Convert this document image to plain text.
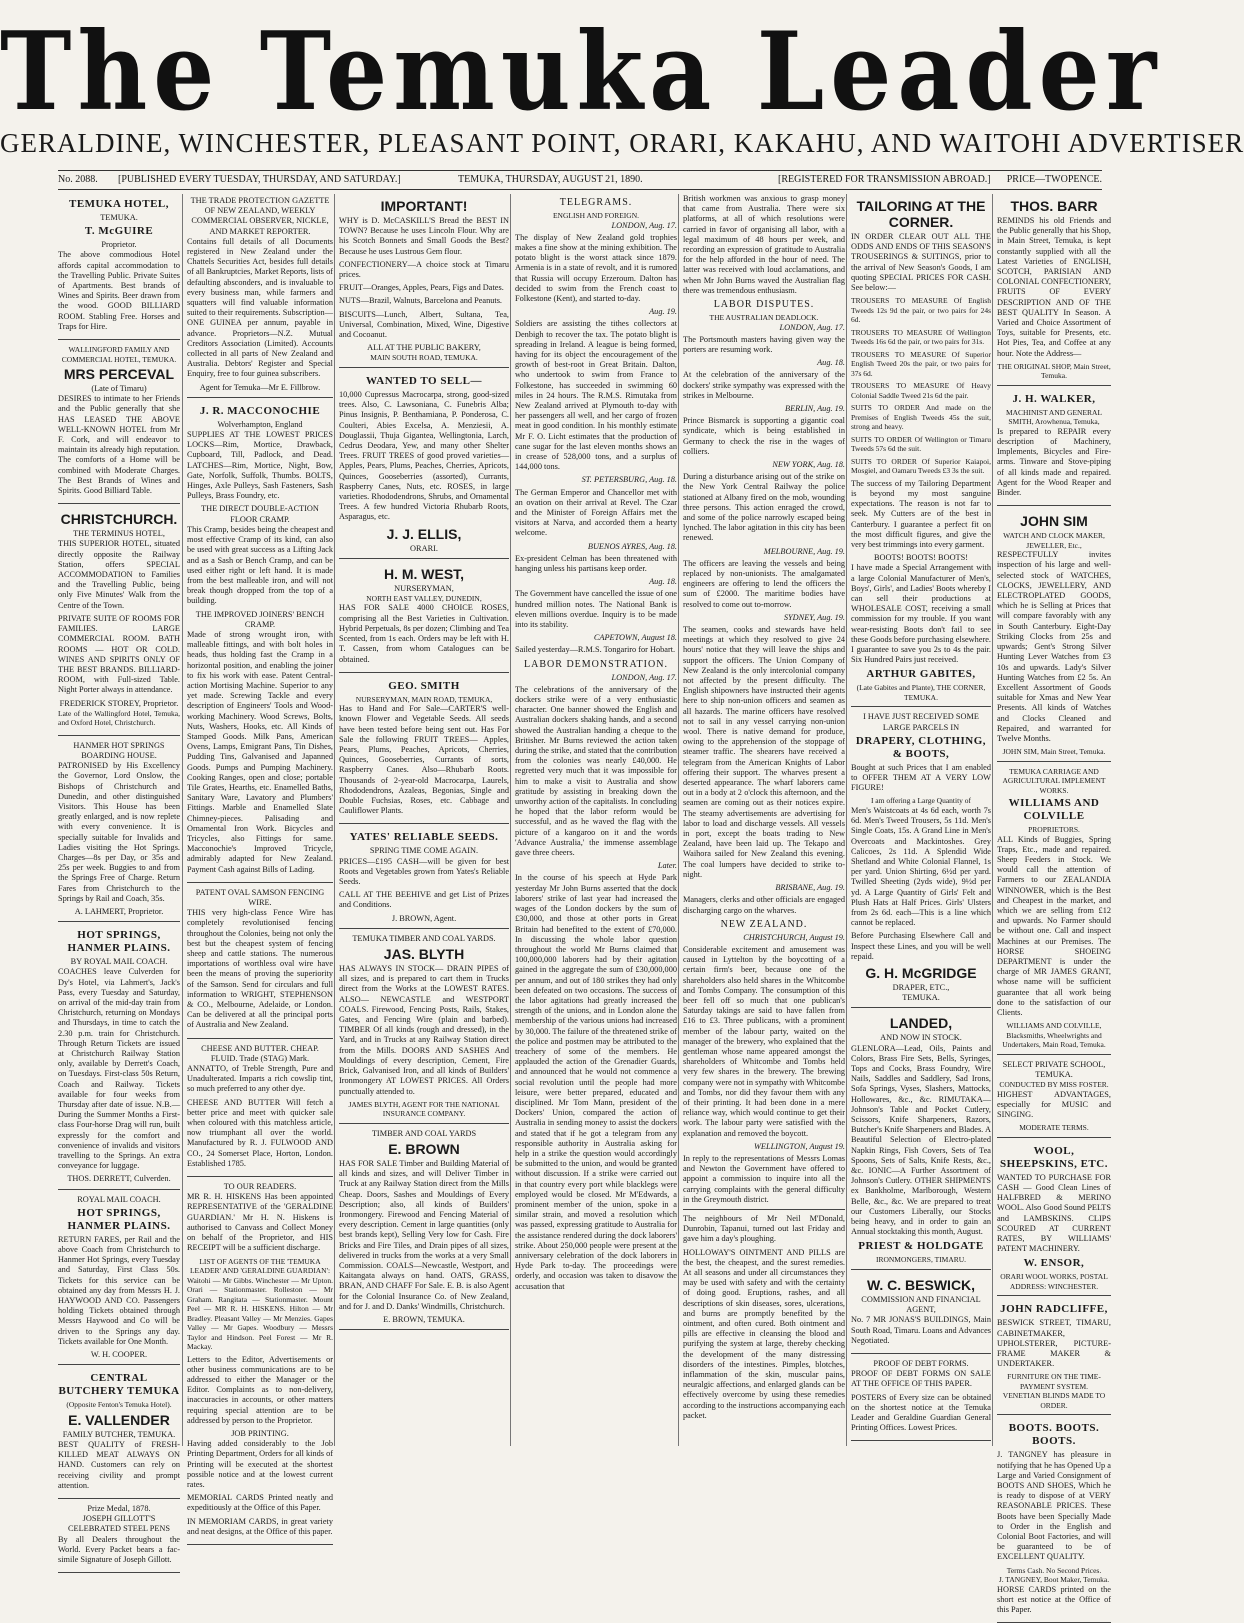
The Temuka Leader
GERALDINE, WINCHESTER, PLEASANT POINT, ORARI, KAKAHU, AND WAITOHI ADVERTISER
No. 2088. [PUBLISHED EVERY TUESDAY, THURSDAY, AND SATURDAY.]	TEMUKA, THURSDAY, AUGUST 21, 1890.	[REGISTERED FOR TRANSMISSION ABROAD.] PRICE—TWOPENCE.
TEMUKA HOTEL,
TEMUKA.
T. McGUIRE
Proprietor.

The above commodious Hotel affords capital accommodation to the Travelling Public. Private Suites of Apartments. Best brands of Wines and Spirits. Beer drawn from the wood. GOOD BILLIARD ROOM. Stabling Free. Horses and Traps for Hire.

WALLINGFORD FAMILY AND COMMERCIAL HOTEL, TEMUKA.
MRS PERCEVAL
(Late of Timaru)

DESIRES to intimate to her Friends and the Public generally that she HAS LEASED THE ABOVE WELL-KNOWN HOTEL from Mr F. Cork, and will endeavor to maintain its already high reputation. The comforts of a Home will be combined with Moderate Charges. The Best Brands of Wines and Spirits. Good Billiard Table.

CHRISTCHURCH.
THE TERMINUS HOTEL,

THIS SUPERIOR HOTEL, situated directly opposite the Railway Station, offers SPECIAL ACCOMMODATION to Families and the Travelling Public, being only Five Minutes' Walk from the Centre of the Town.

PRIVATE SUITE OF ROOMS FOR FAMILIES. LARGE COMMERCIAL ROOM. BATH ROOMS — HOT OR COLD. WINES AND SPIRITS ONLY OF THE BEST BRANDS. BILLIARD-ROOM, with Full-sized Table. Night Porter always in attendance.

FREDERICK STOREY, Proprietor.

Late of the Wallingford Hotel, Temuka, and Oxford Hotel, Christchurch.

HANMER HOT SPRINGS BOARDING HOUSE.

PATRONISED by His Excellency the Governor, Lord Onslow, the Bishops of Christchurch and Dunedin, and other distinguished Visitors. This House has been greatly enlarged, and is now replete with every convenience. It is specially suitable for Invalids and Ladies visiting the Hot Springs. Charges—8s per Day, or 35s and 25s per week. Buggies to and from the Springs Free of Charge. Return Fares from Christchurch to the Springs by Rail and Coach, 35s.

A. LAHMERT, Proprietor.
HOT SPRINGS, HANMER PLAINS.
BY ROYAL MAIL COACH.

COACHES leave Culverden for Dy's Hotel, via Lahmert's, Jack's Pass, every Tuesday and Saturday, on arrival of the mid-day train from Christchurch, returning on Mondays and Thursdays, in time to catch the 2.30 p.m. train for Christchurch. Through Return Tickets are issued at Christchurch Railway Station only, available by Derrett's Coach, on Tuesdays. First-class 50s Return, Coach and Railway. Tickets available for four weeks from Thursday after date of issue. N.B.—During the Summer Months a First-class Four-horse Drag will run, built expressly for the comfort and convenience of invalids and visitors travelling to the Springs. An extra conveyance for luggage.

THOS. DERRETT, Culverden.
ROYAL MAIL COACH.
HOT SPRINGS, HANMER PLAINS.

RETURN FARES, per Rail and the above Coach from Christchurch to Hanmer Hot Springs, every Tuesday and Saturday, First Class 50s. Tickets for this service can be obtained any day from Messrs H. J. HAYWOOD AND CO. Passengers holding Tickets obtained through Messrs Haywood and Co will be driven to the Springs any day. Tickets available for One Month.

W. H. COOPER.
CENTRAL BUTCHERY TEMUKA
(Opposite Fenton's Temuka Hotel).
E. VALLENDER
FAMILY BUTCHER, TEMUKA.

BEST QUALITY of FRESH-KILLED MEAT ALWAYS ON HAND. Customers can rely on receiving civility and prompt attention.

Prize Medal, 1878.
JOSEPH GILLOTT'S CELEBRATED STEEL PENS

By all Dealers throughout the World. Every Packet bears a fac-simile Signature of Joseph Gillott.

THE TRADE PROTECTION GAZETTE OF NEW ZEALAND, WEEKLY COMMERCIAL OBSERVER, NICKLE, AND MARKET REPORTER.

Contains full details of all Documents registered in New Zealand under the Chattels Securities Act, besides full details of all Bankruptcies, Market Reports, lists of defaulting absconders, and is invaluable to every business man, while farmers and squatters will find valuable information suited to their requirements. Subscription—ONE GUINEA per annum, payable in advance. Proprietors—N.Z. Mutual Creditors Association (Limited). Accounts collected in all parts of New Zealand and Australia. Debtors' Register and Special Enquiry, free to four guinea subscribers.

Agent for Temuka—Mr E. Fillbrow.
J. R. MACCONOCHIE
Wolverhampton, England

SUPPLIES AT THE LOWEST PRICES LOCKS—Rim, Mortice, Drawback, Cupboard, Till, Padlock, and Dead. LATCHES—Rim, Mortice, Night, Bow, Gate, Norfolk, Suffolk, Thumbs. BOLTS, Hinges, Axle Pulleys, Sash Fasteners, Sash Pulleys, Brass Foundry, etc.

THE DIRECT DOUBLE-ACTION FLOOR CRAMP.

This Cramp, besides being the cheapest and most effective Cramp of its kind, can also be used with great success as a Lifting Jack and as a Sash or Bench Cramp, and can be used either right or left hand. It is made from the best malleable iron, and will not break though dropped from the top of a building.

THE IMPROVED JOINERS' BENCH CRAMP.

Made of strong wrought iron, with malleable fittings, and with bolt holes in heads, thus holding fast the Cramp in a horizontal position, and enabling the joiner to fix his work with ease. Patent Central-action Mortising Machine. Superior to any yet made. Screwing Tackle and every description of Engineers' Tools and Wood-working Machinery. Wood Screws, Bolts, Nuts, Washers, Hooks, etc. All Kinds of Stamped Goods. Milk Pans, American Ovens, Lamps, Emigrant Pans, Tin Dishes, Pudding Tins, Galvanised and Japanned Goods. Pumps and Pumping Machinery. Cooking Ranges, open and close; portable Tile Grates, Hearths, etc. Enamelled Baths, Sanitary Ware, Lavatory and Plumbers' Fittings. Marble and Enamelled Slate Chimney-pieces. Palisading and Ornamental Iron Work. Bicycles and Tricycles, also Fittings for same. Macconochie's Improved Tricycle, admirably adapted for New Zealand. Payment Cash against Bills of Lading.

PATENT OVAL SAMSON FENCING WIRE.

THIS very high-class Fence Wire has completely revolutionised fencing throughout the Colonies, being not only the best but the cheapest system of fencing sheep and cattle stations. The numerous importations of worthless oval wire have been the means of proving the superiority of the Samson. Send for circulars and full information to WRIGHT, STEPHENSON & CO., Melbourne, Adelaide, or London. Can be delivered at all the principal ports of Australia and New Zealand.

CHEESE AND BUTTER. CHEAP. FLUID. Trade (STAG) Mark.

ANNATTO, of Treble Strength, Pure and Unadulterated. Imparts a rich cowslip tint, so much preferred to any other dye.

CHEESE AND BUTTER Will fetch a better price and meet with quicker sale when coloured with this matchless article, now triumphant all over the world. Manufactured by R. J. FULWOOD AND CO., 24 Somerset Place, Horton, London. Established 1785.

TO OUR READERS.

MR R. H. HISKENS Has been appointed REPRESENTATIVE of the 'GERALDINE GUARDIAN.' Mr H. N. Hiskens is authorised to Canvass and Collect Money on behalf of the Proprietor, and HIS RECEIPT will be a sufficient discharge.

LIST OF AGENTS OF THE 'TEMUKA LEADER' AND 'GERALDINE GUARDIAN':

Waitohi — Mr Gibbs. Winchester — Mr Upton. Orari — Stationmaster. Rolleston — Mr Graham. Rangitata — Stationmaster. Mount Peel — MR R. H. HISKENS. Hilton — Mr Bradley. Pleasant Valley — Mr Menzies. Gapes Valley — Mr Gapes. Woodbury — Messrs Taylor and Hindson. Peel Forest — Mr R. Mackay.

Letters to the Editor, Advertisements or other business communications are to be addressed to either the Manager or the Editor. Complaints as to non-delivery, inaccuracies in accounts, or other matters requiring special attention are to be addressed by person to the Proprietor.

JOB PRINTING.

Having added considerably to the Job Printing Department, Orders for all kinds of Printing will be executed at the shortest possible notice and at the lowest current rates.

MEMORIAL CARDS Printed neatly and expeditiously at the Office of this Paper.

IN MEMORIAM CARDS, in great variety and neat designs, at the Office of this paper.

IMPORTANT!

WHY is D. McCASKILL'S Bread the BEST IN TOWN? Because he uses Lincoln Flour. Why are his Scotch Bonnets and Small Goods the Best? Because he uses Lustrous Gem flour.

CONFECTIONERY—A choice stock at Timaru prices.

FRUIT—Oranges, Apples, Pears, Figs and Dates.

NUTS—Brazil, Walnuts, Barcelona and Peanuts.

BISCUITS—Lunch, Albert, Sultana, Tea, Universal, Combination, Mixed, Wine, Digestive and Cocoanut.

ALL AT THE PUBLIC BAKERY,
MAIN SOUTH ROAD, TEMUKA.
WANTED TO SELL—

10,000 Cupressus Macrocarpa, strong, good-sized trees. Also, C. Lawsoniana, C. Funebris Alba; Pinus Insignis, P. Benthamiana, P. Ponderosa, C. Coulteri, Abies Excelsa, A. Menziesii, A. Douglassii, Thuja Gigantea, Wellingtonia, Larch, Cedrus Deodara, Yew, and many other Shelter Trees. FRUIT TREES of good proved varieties—Apples, Pears, Plums, Peaches, Cherries, Apricots, Quinces, Gooseberries (assorted), Currants, Raspberry Canes, Nuts, etc. ROSES, in large varieties. Rhododendrons, Shrubs, and Ornamental Trees. A few hundred Victoria Rhubarb Roots, Asparagus, etc.

J. J. ELLIS,
ORARI.
H. M. WEST,
NURSERYMAN,
NORTH EAST VALLEY, DUNEDIN,

HAS FOR SALE 4000 CHOICE ROSES, comprising all the Best Varieties in Cultivation. Hybrid Perpetuals, 8s per dozen; Climbing and Tea Scented, from 1s each. Orders may be left with H. T. Cassen, from whom Catalogues can be obtained.

GEO. SMITH
NURSERYMAN, MAIN ROAD, TEMUKA,

Has to Hand and For Sale—CARTER'S well-known Flower and Vegetable Seeds. All seeds have been tested before being sent out. Has For Sale the following FRUIT TREES— Apples, Pears, Plums, Peaches, Apricots, Cherries, Quinces, Gooseberries, Currants of sorts, Raspberry Canes. Also—Rhubarb Roots. Thousands of 2-year-old Macrocarpa, Laurels, Rhododendrons, Azaleas, Begonias, Single and Double Fuchsias, Roses, etc. Cabbage and Cauliflower Plants.

YATES' RELIABLE SEEDS.
SPRING TIME COME AGAIN.

PRICES—£195 CASH—will be given for best Roots and Vegetables grown from Yates's Reliable Seeds.

CALL AT THE BEEHIVE and get List of Prizes and Conditions.

J. BROWN, Agent.
TEMUKA TIMBER AND COAL YARDS.
JAS. BLYTH

HAS ALWAYS IN STOCK— DRAIN PIPES of all sizes, and is prepared to cart them in Trucks direct from the Works at the LOWEST RATES. ALSO— NEWCASTLE and WESTPORT COALS. Firewood, Fencing Posts, Rails, Stakes, Gates, and Fencing Wire (plain and barbed). TIMBER Of all kinds (rough and dressed), in the Yard, and in Trucks at any Railway Station direct from the Mills. DOORS AND SASHES And Mouldings of every description, Cement, Fire Brick, Galvanised Iron, and all kinds of Builders' Ironmongery AT LOWEST PRICES. All Orders punctually attended to.

JAMES BLYTH, AGENT FOR THE NATIONAL INSURANCE COMPANY.
TIMBER AND COAL YARDS
E. BROWN

HAS FOR SALE Timber and Building Material of all kinds and sizes, and will Deliver Timber in Truck at any Railway Station direct from the Mills Cheap. Doors, Sashes and Mouldings of Every Description; also, all kinds of Builders' Ironmongery. Firewood and Fencing Material of every description. Cement in large quantities (only best brands kept), Selling Very low for Cash. Fire Bricks and Fire Tiles, and Drain pipes of all sizes, delivered in trucks from the works at a very Small Commission. COALS—Newcastle, Westport, and Kaitangata always on hand. OATS, GRASS, BRAN, AND CHAFF For Sale. E. B. is also Agent for the Colonial Insurance Co. of New Zealand, and for J. and D. Danks' Windmills, Christchurch.

E. BROWN, TEMUKA.
TELEGRAMS.
ENGLISH AND FOREIGN.
LONDON, Aug. 17.

The display of New Zealand gold trophies makes a fine show at the mining exhibition. The potato blight is the worst attack since 1879. Armenia is in a state of revolt, and it is rumored that Russia will occupy Erzeroum. Dalton has decided to swim from the French coast to Folkestone (Kent), and started to-day.

Aug. 19.

Soldiers are assisting the tithes collectors at Denbigh to recover the tax. The potato blight is spreading in Ireland. A league is being formed, having for its object the encouragement of the growth of best-root in Great Britain. Dalton, who undertook to swim from France to Folkestone, has succeeded in swimming 60 miles in 24 hours. The R.M.S. Rimutaka from New Zealand arrived at Plymouth to-day with her passengers all well, and her cargo of frozen meat in good condition. In his monthly estimate Mr F. O. Licht estimates that the production of cane sugar for the last eleven months shows an in crease of 528,000 tons, and a surplus of 144,000 tons.

ST. PETERSBURG, Aug. 18.

The German Emperor and Chancellor met with an ovation on their arrival at Revel. The Czar and the Minister of Foreign Affairs met the visitors at Narva, and accorded them a hearty welcome.

BUENOS AYRES, Aug. 18.

Ex-president Celman has been threatened with hanging unless his partisans keep order.

Aug. 18.

The Government have cancelled the issue of one hundred million notes. The National Bank is eleven millions overdue. Inquiry is to be made into its stability.

CAPETOWN, August 18.

Sailed yesterday—R.M.S. Tongariro for Hobart.

LABOR DEMONSTRATION.
LONDON, Aug. 17.

The celebrations of the anniversary of the dockers strike were of a very enthusiastic character. One banner showed the English and Australian dockers shaking hands, and a second showed the Australian handing a cheque to the Britisher. Mr Burns reviewed the action taken during the strike, and stated that the contribution from the colonies was nearly £40,000. He regretted very much that it was impossible for him to make a visit to Australia and show gratitude by assisting in breaking down the unworthy action of the capitalists. In concluding he hoped that the labor reform would be successful, and as he waved the flag with the picture of a kangaroo on it and the words 'Advance Australia,' the immense assemblage gave three cheers.

Later.

In the course of his speech at Hyde Park yesterday Mr John Burns asserted that the dock laborers' strike of last year had increased the wages of the London dockers by the sum of £30,000, and those at other ports in Great Britain had benefited to the extent of £70,000. In discussing the whole labor question throughout the world Mr Burns claimed that 100,000,000 laborers had by their agitation gained in the aggregate the sum of £30,000,000 per annum, and out of 180 strikes they had only been defeated on two occasions. The success of the labor agitations had greatly increased the strength of the unions, and in London alone the membership of the various unions had increased by 30,000. The failure of the threatened strike of the police and postmen may be attributed to the treachery of some of the members. He applauded the action of the Grenadier Guards, and announced that he would not commence a social revolution until the people had more leisure, were better prepared, educated and disciplined. Mr Tom Mann, president of the Dockers' Union, compared the action of Australia in sending money to assist the dockers and stated that if he got a telegram from any responsible authority in Australia asking for help in a strike the question would accordingly be submitted to the union, and would be granted without discussion. If a strike were carried out in that country every port while blacklegs were employed would be closed. Mr M'Edwards, a prominent member of the union, spoke in a similar strain, and moved a resolution which was passed, expressing gratitude to Australia for the assistance rendered during the dock laborers' strike. About 250,000 people were present at the anniversary celebration of the dock laborers in Hyde Park to-day. The proceedings were orderly, and occasion was taken to disavow the accusation that

British workmen was anxious to grasp money that came from Australia. There were six platforms, at all of which resolutions were carried in favor of organising all labor, with a legal maximum of 48 hours per week, and recording an expression of gratitude to Australia for the help afforded in the hour of need. The latter was received with loud acclamations, and when Mr John Burns waved the Australian flag there was tremendous enthusiasm.

LABOR DISPUTES.
THE AUSTRALIAN DEADLOCK.
LONDON, Aug. 17.

The Portsmouth masters having given way the porters are resuming work.

Aug. 18.

At the celebration of the anniversary of the dockers' strike sympathy was expressed with the strikes in Melbourne.

BERLIN, Aug. 19.

Prince Bismarck is supporting a gigantic coal syndicate, which is being established in Germany to check the rise in the wages of colliers.

NEW YORK, Aug. 18.

During a disturbance arising out of the strike on the New York Central Railway the police stationed at Albany fired on the mob, wounding three persons. This action enraged the crowd, and some of the police narrowly escaped being lynched. The labor agitation in this city has been renewed.

MELBOURNE, Aug. 19.

The officers are leaving the vessels and being replaced by non-unionists. The amalgamated engineers are offering to lend the officers the sum of £2000. The maritime bodies have resolved to come out to-morrow.

SYDNEY, Aug. 19.

The seamen, cooks and stewards have held meetings at which they resolved to give 24 hours' notice that they will leave the ships and support the officers. The Union Company of New Zealand is the only intercolonial company not affected by the present difficulty. The English shipowners have instructed their agents here to ship non-union officers and seamen as all hazards. The marine officers have resolved not to sail in any vessel carrying non-union wool. There is native demand for produce, owing to the apprehension of the stoppage of steamer traffic. The shearers have received a telegram from the American Knights of Labor offering their support. The wharves present a deserted appearance. The wharf laborers came out in a body at 2 o'clock this afternoon, and the seamen are coming out as their notices expire. The steamy advertisements are advertising for labor to load and discharge vessels. All vessels in port, except the boats trading to New Zealand, have been laid up. The Tekapo and Waihora sailed for New Zealand this evening. The coal lumpers have decided to strike to-night.

BRISBANE, Aug. 19.

Managers, clerks and other officials are engaged discharging cargo on the wharves.

NEW ZEALAND.
CHRISTCHURCH, August 19.

Considerable excitement and amusement was caused in Lyttelton by the boycotting of a certain firm's beer, because one of the shareholders also held shares in the Whitcombe and Tombs Company. The consumption of this beer fell off so much that one publican's Saturday takings are said to have fallen from £16 to £3. Three publicans, with a prominent member of the labour party, waited on the manager of the brewery, who explained that the gentleman whose name appeared amongst the shareholders of Whitcombe and Tombs held very few shares in the brewery. The brewing company were not in sympathy with Whitcombe and Tombs, nor did they favour them with any of their printing. It had been done in a mere reliance way, which would continue to get their work. The labour party were satisfied with the explanation and removed the boycott.

WELLINGTON, August 19.

In reply to the representations of Messrs Lomas and Newton the Government have offered to appoint a commission to inquire into all the carrying complaints with the general difficulty in the Greymouth district.

The neighbours of Mr Neil M'Donald, Dunrobin, Tapanui, turned out last Friday and gave him a day's ploughing.

HOLLOWAY'S OINTMENT AND PILLS are the best, the cheapest, and the surest remedies. At all seasons and under all circumstances they may be used with safety and with the certainty of doing good. Eruptions, rashes, and all descriptions of skin diseases, sores, ulcerations, and burns are promptly benefited by the ointment, and often cured. Both ointment and pills are effective in cleansing the blood and purifying the system at large, thereby checking the development of the many distressing disorders of the intestines. Pimples, blotches, inflammation of the skin, muscular pains, neuralgic affections, and enlarged glands can be effectively overcome by using these remedies according to the instructions accompanying each packet.

TAILORING AT THE CORNER.

IN ORDER CLEAR OUT ALL THE ODDS AND ENDS OF THIS SEASON'S TROUSERINGS & SUITINGS, prior to the arrival of New Season's Goods, I am quoting SPECIAL PRICES FOR CASH. See below:—

TROUSERS TO MEASURE Of English Tweeds 12s 9d the pair, or two pairs for 24s 6d.

TROUSERS TO MEASURE Of Wellington Tweeds 16s 6d the pair, or two pairs for 31s.

TROUSERS TO MEASURE Of Superior English Tweed 20s the pair, or two pairs for 37s 6d.

TROUSERS TO MEASURE Of Heavy Colonial Saddle Tweed 21s 6d the pair.

SUITS TO ORDER And made on the Premises of English Tweeds 45s the suit, strong and heavy.

SUITS TO ORDER Of Wellington or Timaru Tweeds 57s 6d the suit.

SUITS TO ORDER Of Superior Kaiapoi, Mosgiel, and Oamaru Tweeds £3 3s the suit.

The success of my Tailoring Department is beyond my most sanguine expectations. The reason is not far to seek. My Cutters are of the best in Canterbury. I guarantee a perfect fit on the most difficult figures, and give the very best trimmings into every garment.

BOOTS! BOOTS! BOOTS!

I have made a Special Arrangement with a large Colonial Manufacturer of Men's, Boys', Girls', and Ladies' Boots whereby I can sell their productions at WHOLESALE COST, receiving a small commission for my trouble. If you want wear-resisting Boots don't fail to see these Goods before purchasing elsewhere. I guarantee to save you 2s to 4s the pair. Six Hundred Pairs just received.

ARTHUR GABITES,
(Late Gabites and Plante), THE CORNER, TEMUKA.
I HAVE JUST RECEIVED SOME LARGE PARCELS IN
DRAPERY, CLOTHING, & BOOTS,

Bought at such Prices that I am enabled to OFFER THEM AT A VERY LOW FIGURE!

I am offering a Large Quantity of

Men's Waistcoats at 4s 6d each, worth 7s 6d. Men's Tweed Trousers, 5s 11d. Men's Single Coats, 15s. A Grand Line in Men's Overcoats and Mackintoshes. Grey Calicoes, 2s 11d. A Splendid Wide Shetland and White Colonial Flannel, 1s per yard. Union Shirting, 6½d per yard. Twilled Sheeting (2yds wide), 9½d per yd. A Large Quantity of Girls' Felt and Plush Hats at Half Prices. Girls' Ulsters from 2s 6d. each—This is a line which cannot be replaced.

Before Purchasing Elsewhere Call and Inspect these Lines, and you will be well repaid.

G. H. McGRIDGE
DRAPER, ETC.,
TEMUKA.
LANDED,
AND NOW IN STOCK.

GLENLORA—Lead, Oils, Paints and Colors, Brass Fire Sets, Bells, Syringes, Tops and Cocks, Brass Foundry, Wire Nails, Saddles and Saddlery, Sad Irons, Sofa Springs, Vyses, Slashers, Mattocks, Hollowares, &c., &c. RIMUTAKA—Johnson's Table and Pocket Cutlery, Scissors, Knife Sharpeners, Razors, Butcher's Knife Sharpeners and Blades. A Beautiful Selection of Electro-plated Napkin Rings, Fish Covers, Sets of Tea Spoons, Sets of Salts, Knife Rests, &c., &c. IONIC—A Further Assortment of Johnson's Cutlery. OTHER SHIPMENTS ex Bankholme, Marlborough, Western Belle, &c., &c. We are prepared to treat our Customers Liberally, our Stocks being heavy, and in order to gain an Annual stocktaking this month, August.

PRIEST & HOLDGATE
IRONMONGERS, TIMARU.
W. C. BESWICK,
COMMISSION AND FINANCIAL AGENT,

No. 7 MR JONAS'S BUILDINGS, Main South Road, Timaru. Loans and Advances Negotiated.

PROOF OF DEBT FORMS.

PROOF OF DEBT FORMS ON SALE AT THE OFFICE OF THIS PAPER.

POSTERS of Every size can be obtained on the shortest notice at the Temuka Leader and Geraldine Guardian General Printing Offices. Lowest Prices.

THOS. BARR

REMINDS his old Friends and the Public generally that his Shop, in Main Street, Temuka, is kept constantly supplied with all the Latest Varieties of ENGLISH, SCOTCH, PARISIAN AND COLONIAL CONFECTIONERY, FRUITS OF EVERY DESCRIPTION AND OF THE BEST QUALITY In Season. A Varied and Choice Assortment of Toys, suitable for Presents, etc. Hot Pies, Tea, and Coffee at any hour. Note the Address—

THE ORIGINAL SHOP, Main Street, Temuka.
J. H. WALKER,
MACHINIST AND GENERAL SMITH, Arowhenua, Temuka,

Is prepared to REPAIR every description of Machinery, Implements, Bicycles and Fire-arms. Tinware and Stove-piping of all kinds made and repaired. Agent for the Wood Reaper and Binder.

JOHN SIM
WATCH AND CLOCK MAKER, JEWELLER, Etc.,

RESPECTFULLY invites inspection of his large and well-selected stock of WATCHES, CLOCKS, JEWELLERY, AND ELECTROPLATED GOODS, which he is Selling at Prices that will compare favorably with any in South Canterbury. Eight-Day Striking Clocks from 25s and upwards; Gent's Strong Silver Hunting Lever Watches from £3 10s and upwards. Lady's Silver Hunting Watches from £2 5s. An Excellent Assortment of Goods suitable for Xmas and New Year Presents. All kinds of Watches and Clocks Cleaned and Repaired, and warranted for Twelve Months.

JOHN SIM, Main Street, Temuka.
TEMUKA CARRIAGE AND AGRICULTURAL IMPLEMENT WORKS.
WILLIAMS AND COLVILLE
PROPRIETORS.

ALL Kinds of Buggies, Spring Traps, Etc., made and repaired. Sheep Feeders in Stock. We would call the attention of Farmers to our ZEALANDIA WINNOWER, which is the Best and Cheapest in the market, and which we are selling from £12 and upwards. No Farmer should be without one. Call and inspect Machines at our Premises. The HORSE SHOEING DEPARTMENT is under the charge of MR JAMES GRANT, whose name will be sufficient guarantee that all work being done to the satisfaction of our Clients.

WILLIAMS AND COLVILLE, Blacksmiths, Wheelwrights and Undertakers, Main Road, Temuka.
SELECT PRIVATE SCHOOL, TEMUKA.
CONDUCTED BY MISS FOSTER.

HIGHEST ADVANTAGES, especially for MUSIC and SINGING.

MODERATE TERMS.
WOOL, SHEEPSKINS, ETC.

WANTED TO PURCHASE FOR CASH — Good Clean Lines of HALFBRED & MERINO WOOL. Also Good Sound PELTS and LAMBSKINS. CLIPS SCOURED AT CURRENT RATES, BY WILLIAMS' PATENT MACHINERY.

W. ENSOR,
ORARI WOOL WORKS, POSTAL ADDRESS: WINCHESTER.
JOHN RADCLIFFE,

BESWICK STREET, TIMARU, CABINETMAKER, UPHOLSTERER, PICTURE-FRAME MAKER & UNDERTAKER.

FURNITURE ON THE TIME-PAYMENT SYSTEM.
VENETIAN BLINDS MADE TO ORDER.
BOOTS. BOOTS. BOOTS.

J. TANGNEY has pleasure in notifying that he has Opened Up a Large and Varied Consignment of BOOTS AND SHOES, Which he is ready to dispose of at VERY REASONABLE PRICES. These Boots have been Specially Made to Order in the English and Colonial Boot Factories, and will be guaranteed to be of EXCELLENT QUALITY.

Terms Cash. No Second Prices.
J. TANGNEY, Boot Maker, Temuka.

HORSE CARDS printed on the short est notice at the Office of this Paper.
